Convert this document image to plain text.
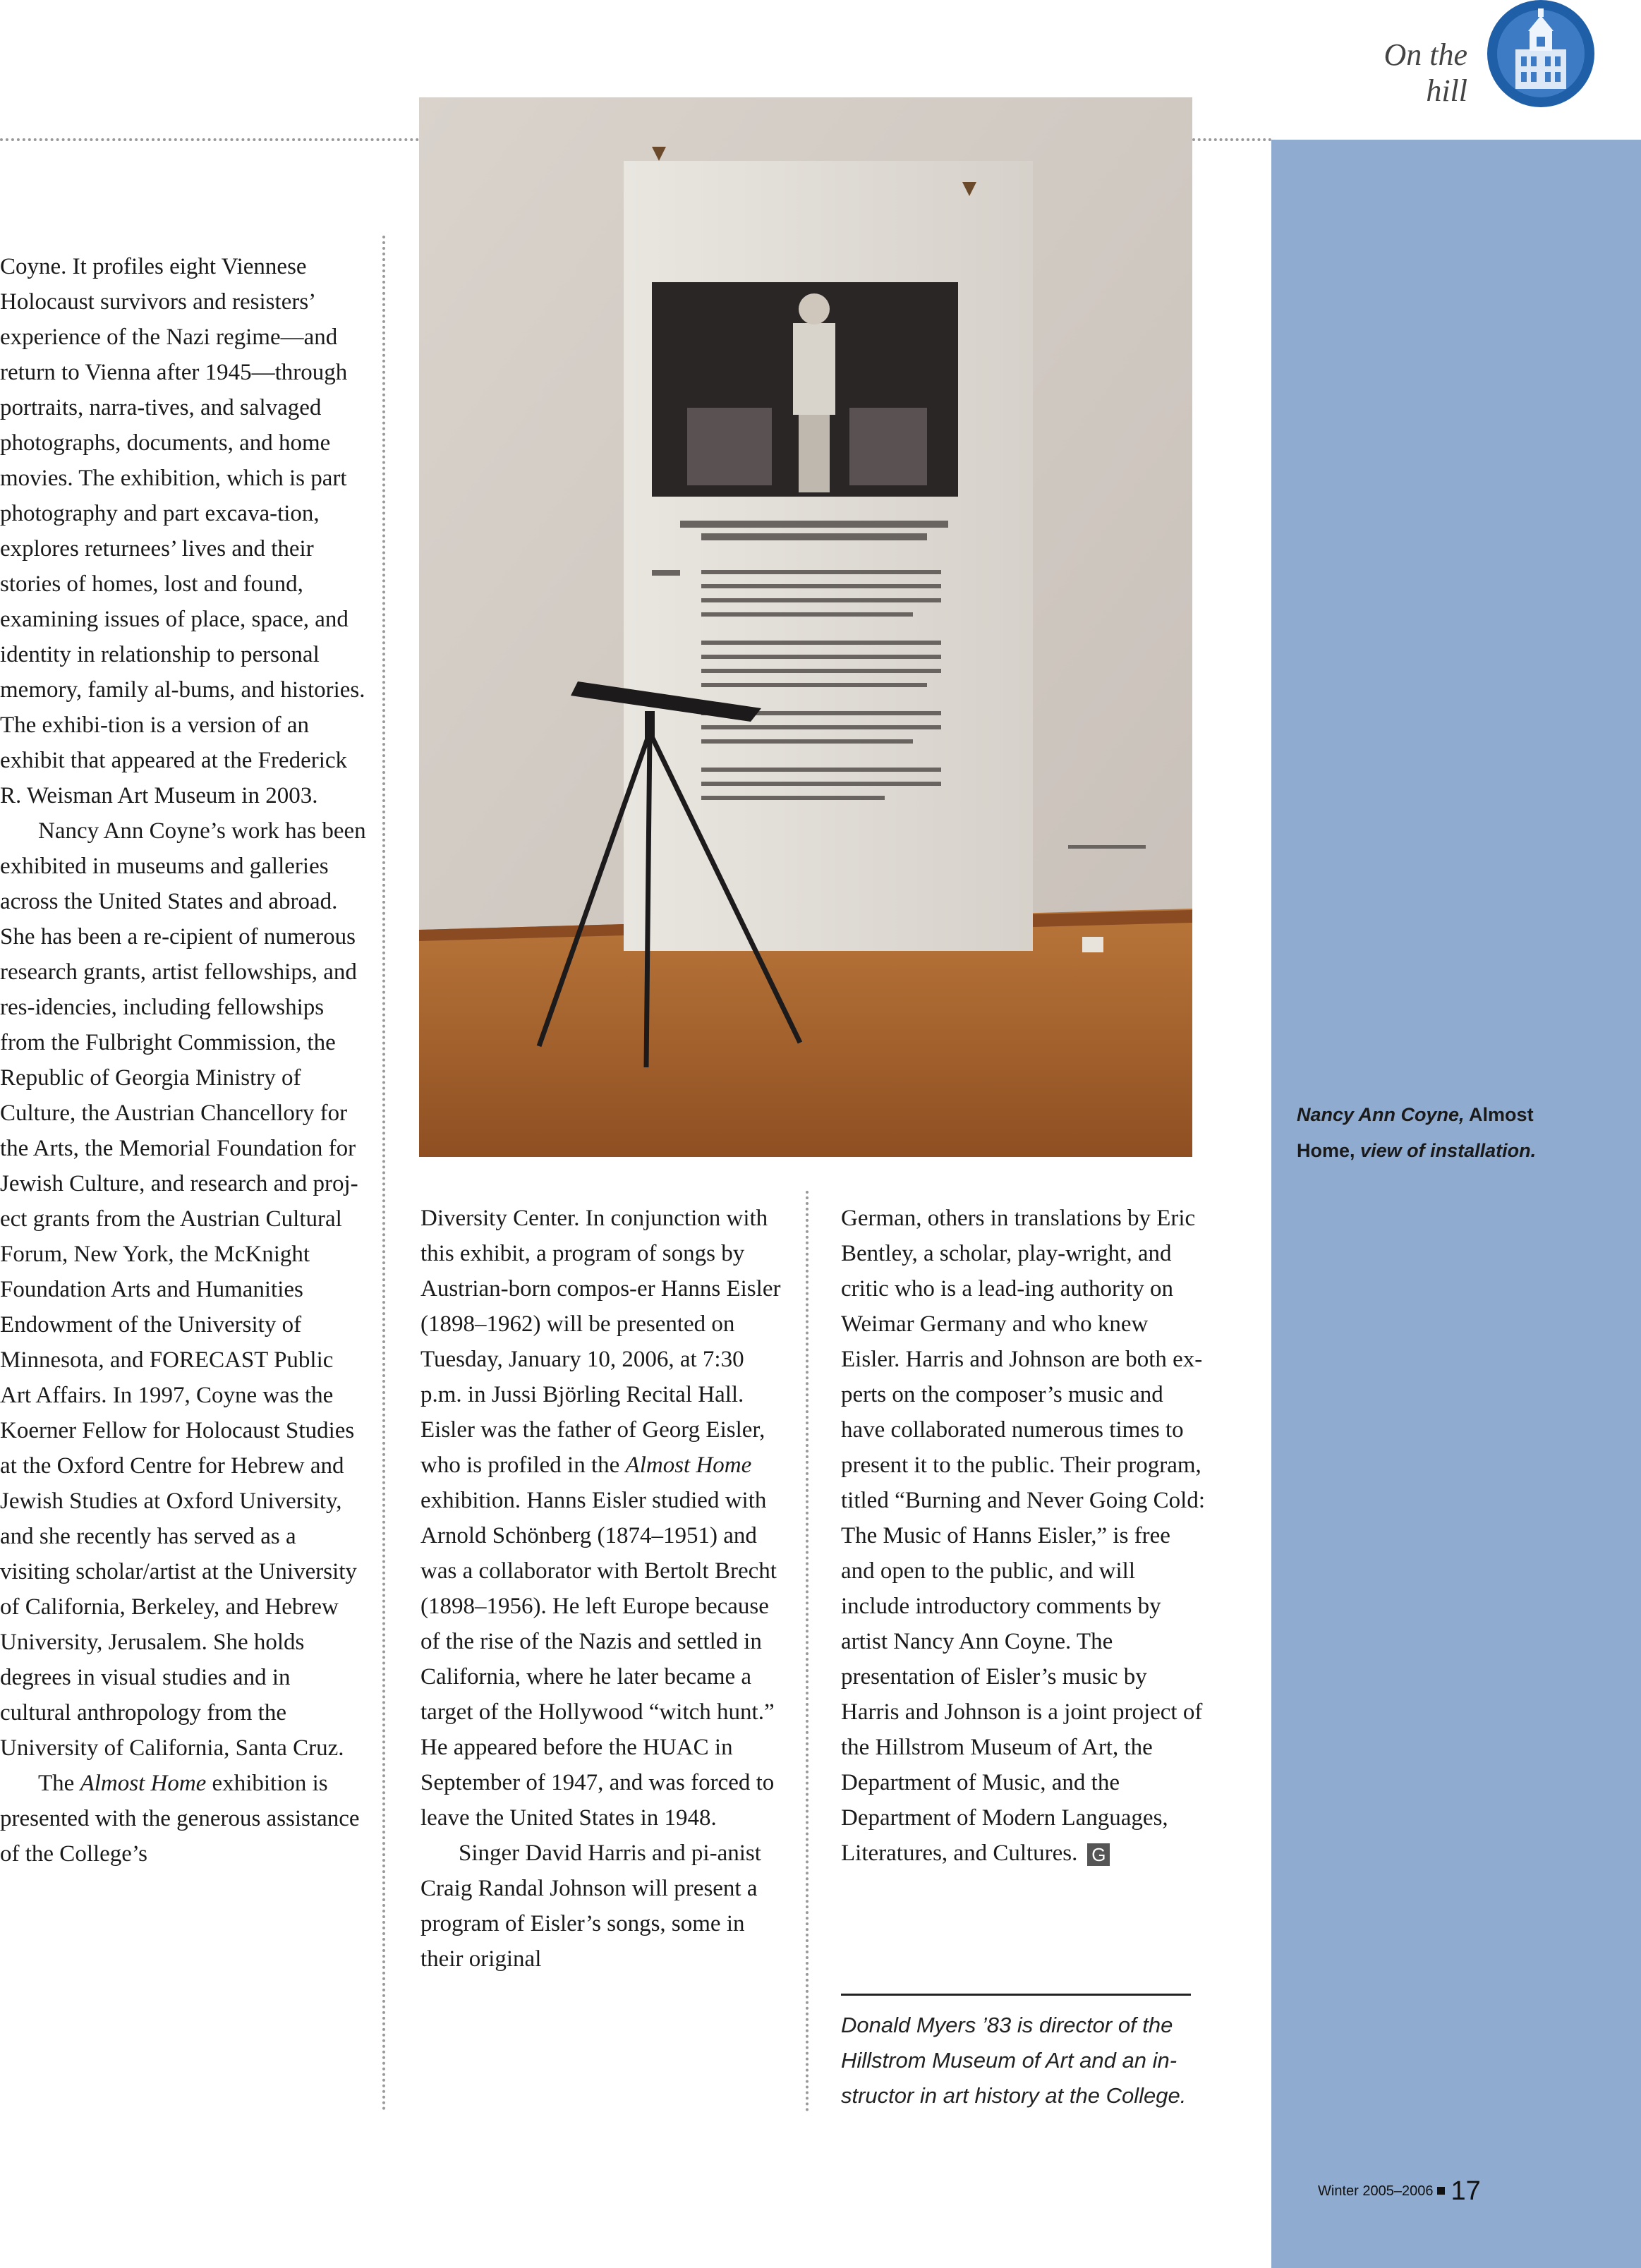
On the hill

Coyne. It profiles eight Viennese Holocaust survivors and resisters’ experience of the Nazi regime—and return to Vienna after 1945—through portraits, narra-tives, and salvaged photographs, documents, and home movies. The exhibition, which is part photography and part excava-tion, explores returnees’ lives and their stories of homes, lost and found, examining issues of place, space, and identity in relationship to personal memory, family al-bums, and histories. The exhibi-tion is a version of an exhibit that appeared at the Frederick R. Weisman Art Museum in 2003.

Nancy Ann Coyne’s work has been exhibited in museums and galleries across the United States and abroad. She has been a re-cipient of numerous research grants, artist fellowships, and res-idencies, including fellowships from the Fulbright Commission, the Republic of Georgia Ministry of Culture, the Austrian Chancellory for the Arts, the Memorial Foundation for Jewish Culture, and research and proj-ect grants from the Austrian Cultural Forum, New York, the McKnight Foundation Arts and Humanities Endowment of the University of Minnesota, and FORECAST Public Art Affairs. In 1997, Coyne was the Koerner Fellow for Holocaust Studies at the Oxford Centre for Hebrew and Jewish Studies at Oxford University, and she recently has served as a visiting scholar/artist at the University of California, Berkeley, and Hebrew University, Jerusalem. She holds degrees in visual studies and in cultural anthropology from the University of California, Santa Cruz.

The Almost Home exhibition is presented with the generous assistance of the College’s

Diversity Center. In conjunction with this exhibit, a program of songs by Austrian-born compos-er Hanns Eisler (1898–1962) will be presented on Tuesday, January 10, 2006, at 7:30 p.m. in Jussi Björling Recital Hall. Eisler was the father of Georg Eisler, who is profiled in the Almost Home exhibition. Hanns Eisler studied with Arnold Schönberg (1874–1951) and was a collaborator with Bertolt Brecht (1898–1956). He left Europe because of the rise of the Nazis and settled in California, where he later became a target of the Hollywood “witch hunt.” He appeared before the HUAC in September of 1947, and was forced to leave the United States in 1948.

Singer David Harris and pi-anist Craig Randal Johnson will present a program of Eisler’s songs, some in their original

German, others in translations by Eric Bentley, a scholar, play-wright, and critic who is a lead-ing authority on Weimar Germany and who knew Eisler. Harris and Johnson are both ex-perts on the composer’s music and have collaborated numerous times to present it to the public. Their program, titled “Burning and Never Going Cold: The Music of Hanns Eisler,” is free and open to the public, and will include introductory comments by artist Nancy Ann Coyne. The presentation of Eisler’s music by Harris and Johnson is a joint project of the Hillstrom Museum of Art, the Department of Music, and the Department of Modern Languages, Literatures, and Cultures. G

Donald Myers ’83 is director of the Hillstrom Museum of Art and an in-structor in art history at the College.
Nancy Ann Coyne, Almost Home, view of installation.
Winter 2005–2006 17
